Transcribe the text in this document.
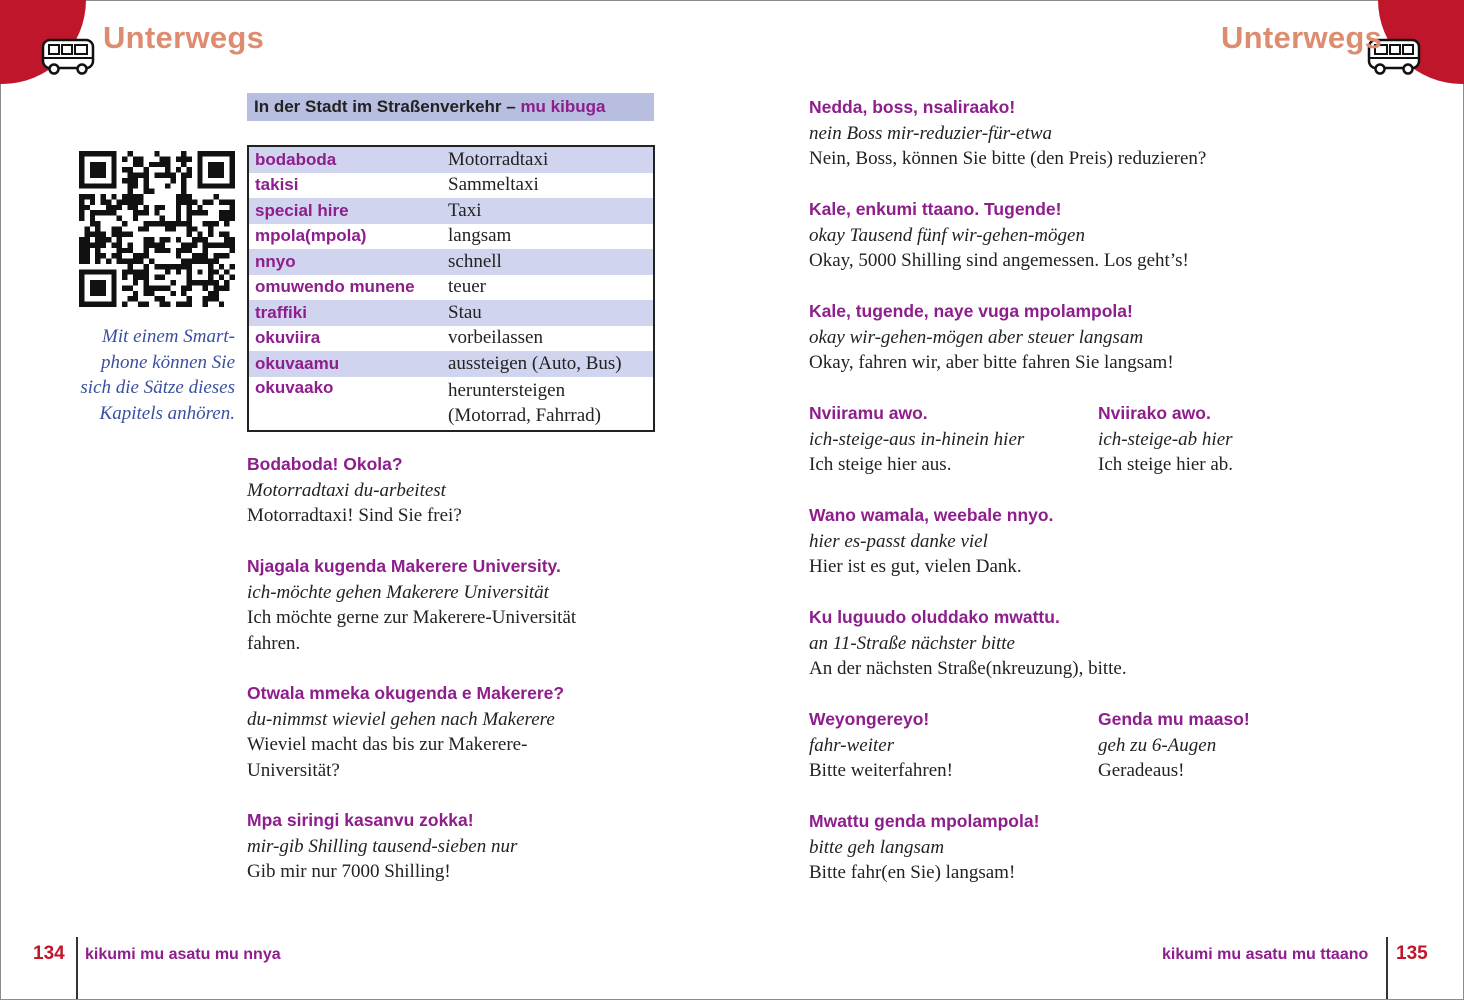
Unterwegs	Unterwegs
In der Stadt im Straßenverkehr – mu kibuga
bodaboda	Motorradtaxi
takisi	Sammeltaxi
special hire	Taxi
mpola(mpola)	langsam
nnyo	schnell
omuwendo munene	teuer
traffiki	Stau
okuviira	vorbeilassen
okuvaamu	aussteigen (Auto, Bus)
okuvaako	heruntersteigen
(Motorrad, Fahrrad)
Mit einem Smart-
phone können Sie
sich die Sätze dieses
Kapitels anhören.
Bodaboda! Okola?
Motorradtaxi du-arbeitest
Motorradtaxi! Sind Sie frei?
Njagala kugenda Makerere University.
ich-möchte gehen Makerere Universität
Ich möchte gerne zur Makerere-Universität
fahren.
Otwala mmeka okugenda e Makerere?
du-nimmst wieviel gehen nach Makerere
Wieviel macht das bis zur Makerere-
Universität?
Mpa siringi kasanvu zokka!
mir-gib Shilling tausend-sieben nur
Gib mir nur 7000 Shilling!
Nedda, boss, nsaliraako!
nein Boss mir-reduzier-für-etwa
Nein, Boss, können Sie bitte (den Preis) reduzieren?
Kale, enkumi ttaano. Tugende!
okay Tausend fünf wir-gehen-mögen
Okay, 5000 Shilling sind angemessen. Los geht’s!
Kale, tugende, naye vuga mpolampola!
okay wir-gehen-mögen aber steuer langsam
Okay, fahren wir, aber bitte fahren Sie langsam!
Nviiramu awo.
ich-steige-aus in-hinein hier
Ich steige hier aus.
Nviirako awo.
ich-steige-ab hier
Ich steige hier ab.
Wano wamala, weebale nnyo.
hier es-passt danke viel
Hier ist es gut, vielen Dank.
Ku luguudo oluddako mwattu.
an 11-Straße nächster bitte
An der nächsten Straße(nkreuzung), bitte.
Weyongereyo!
fahr-weiter
Bitte weiterfahren!
Genda mu maaso!
geh zu 6-Augen
Geradeaus!
Mwattu genda mpolampola!
bitte geh langsam
Bitte fahr(en Sie) langsam!
134 kikumi mu asatu mu nnya	kikumi mu asatu mu ttaano 135
